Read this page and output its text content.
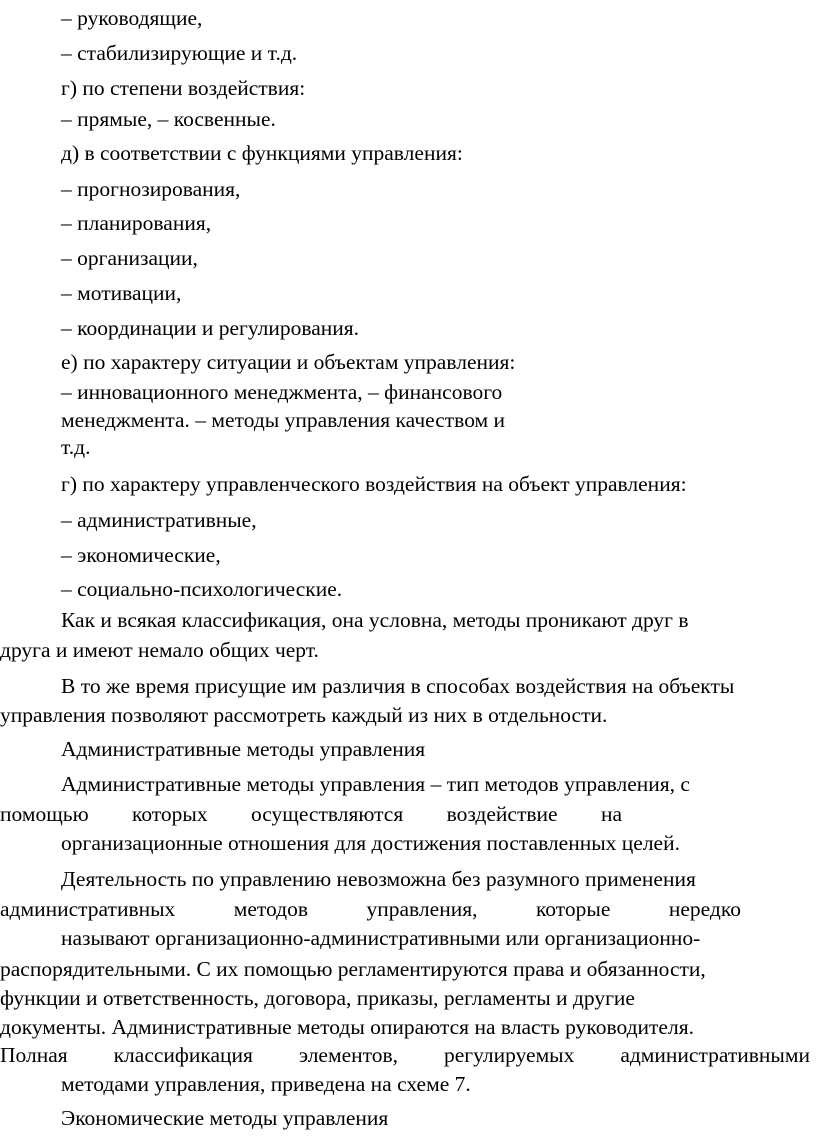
– руководящие,
– стабилизирующие и т.д.
г) по степени воздействия:
– прямые, – косвенные.
д) в соответствии с функциями управления:
– прогнозирования,
– планирования,
– организации,
– мотивации,
– координации и регулирования.
е) по характеру ситуации и объектам управления:
– инновационного менеджмента, – финансового
менеджмента. – методы управления качеством и
т.д.
г) по характеру управленческого воздействия на объект управления:
– административные,
– экономические,
– социально-психологические.
Как и всякая классификация, она условна, методы проникают друг в
друга и имеют немало общих черт.
В то же время присущие им различия в способах воздействия на объекты
управления позволяют рассмотреть каждый из них в отдельности.
Административные методы управления
Административные методы управления – тип методов управления, с
помощью которых осуществляются воздействие на
организационные отношения для достижения поставленных целей.
Деятельность по управлению невозможна без разумного применения
административных	методов	управления,	которые	нередко
называют организационно-административными или организационно-
распорядительными. С их помощью регламентируются права и обязанности,
функции и ответственность, договора, приказы, регламенты и другие
документы. Административные методы опираются на власть руководителя.
Полная классификация элементов, регулируемых административными
методами управления, приведена на схеме 7.
Экономические методы управления
